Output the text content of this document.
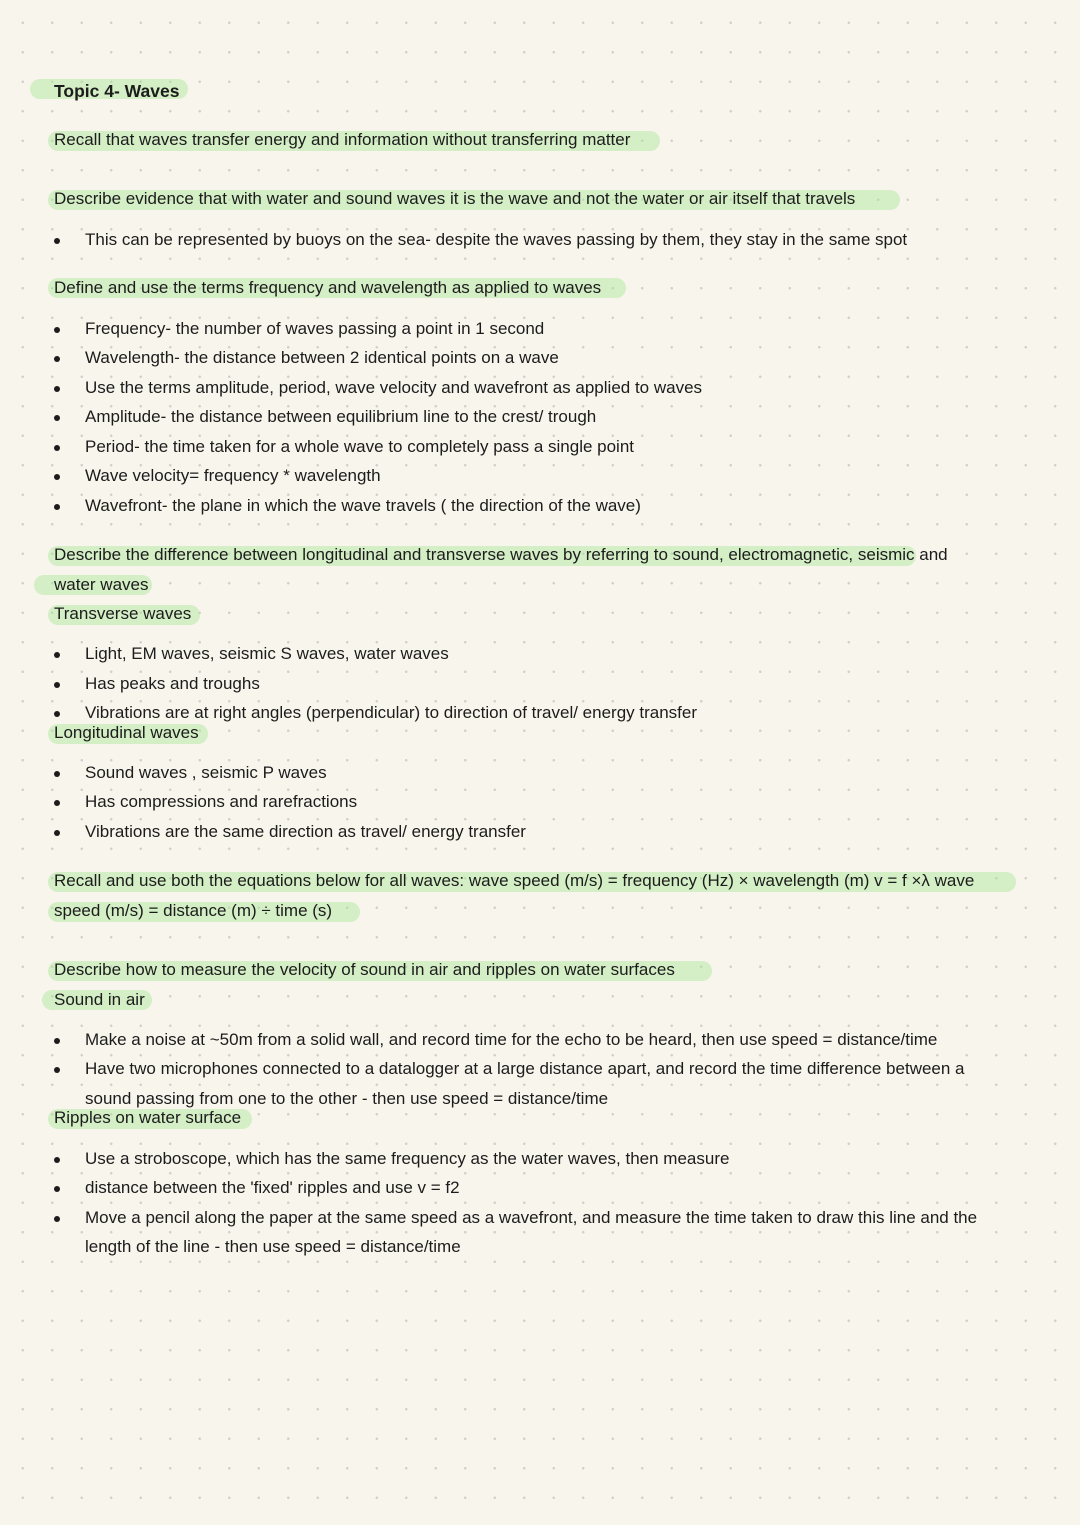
Topic 4- Waves
Recall that waves transfer energy and information without transferring matter
Describe evidence that with water and sound waves it is the wave and not the water or air itself that travels
This can be represented by buoys on the sea- despite the waves passing by them, they stay in the same spot
Define and use the terms frequency and wavelength as applied to waves
Frequency- the number of waves passing a point in 1 second
Wavelength- the distance between 2 identical points on a wave
Use the terms amplitude, period, wave velocity and wavefront as applied to waves
Amplitude- the distance between equilibrium line to the crest/ trough
Period- the time taken for a whole wave to completely pass a single point
Wave velocity= frequency * wavelength
Wavefront- the plane in which the wave travels ( the direction of the wave)
Describe the difference between longitudinal and transverse waves by referring to sound, electromagnetic, seismic and
water waves
Transverse waves
Light, EM waves, seismic S waves, water waves
Has peaks and troughs
Vibrations are at right angles (perpendicular) to direction of travel/ energy transfer
Longitudinal waves
Sound waves , seismic P waves
Has compressions and rarefractions
Vibrations are the same direction as travel/ energy transfer
Recall and use both the equations below for all waves: wave speed (m/s) = frequency (Hz) × wavelength (m) v = f ×λ wave
speed (m/s) = distance (m) ÷ time (s)
Describe how to measure the velocity of sound in air and ripples on water surfaces
Sound in air
Make a noise at ~50m from a solid wall, and record time for the echo to be heard, then use speed = distance/time
Have two microphones connected to a datalogger at a large distance apart, and record the time difference between a
sound passing from one to the other - then use speed = distance/time
Ripples on water surface
Use a stroboscope, which has the same frequency as the water waves, then measure
distance between the 'fixed' ripples and use v = f2
Move a pencil along the paper at the same speed as a wavefront, and measure the time taken to draw this line and the
length of the line - then use speed = distance/time
